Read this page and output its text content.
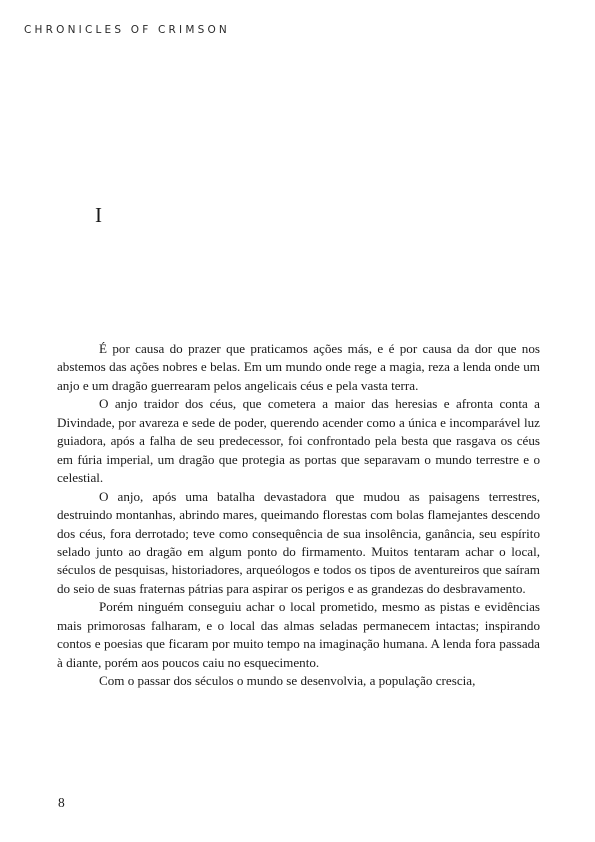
CHRONICLES OF CRIMSON
I

É por causa do prazer que praticamos ações más, e é por causa da dor que nos abstemos das ações nobres e belas. Em um mundo onde rege a magia, reza a lenda onde um anjo e um dragão guerrearam pelos angelicais céus e pela vasta terra.

O anjo traidor dos céus, que cometera a maior das heresias e afronta conta a Divindade, por avareza e sede de poder, querendo acender como a única e incomparável luz guiadora, após a falha de seu predecessor, foi confrontado pela besta que rasgava os céus em fúria imperial, um dragão que protegia as portas que separavam o mundo terrestre e o celestial.

O anjo, após uma batalha devastadora que mudou as paisagens terrestres, destruindo montanhas, abrindo mares, queimando florestas com bolas flamejantes descendo dos céus, fora derrotado; teve como consequência de sua insolência, ganância, seu espírito selado junto ao dragão em algum ponto do firmamento. Muitos tentaram achar o local, séculos de pesquisas, historiadores, arqueólogos e todos os tipos de aventureiros que saíram do seio de suas fraternas pátrias para aspirar os perigos e as grandezas do desbravamento.

Porém ninguém conseguiu achar o local prometido, mesmo as pistas e evidências mais primorosas falharam, e o local das almas seladas permanecem intactas; inspirando contos e poesias que ficaram por muito tempo na imaginação humana. A lenda fora passada à diante, porém aos poucos caiu no esquecimento.

Com o passar dos séculos o mundo se desenvolvia, a população crescia,

8
